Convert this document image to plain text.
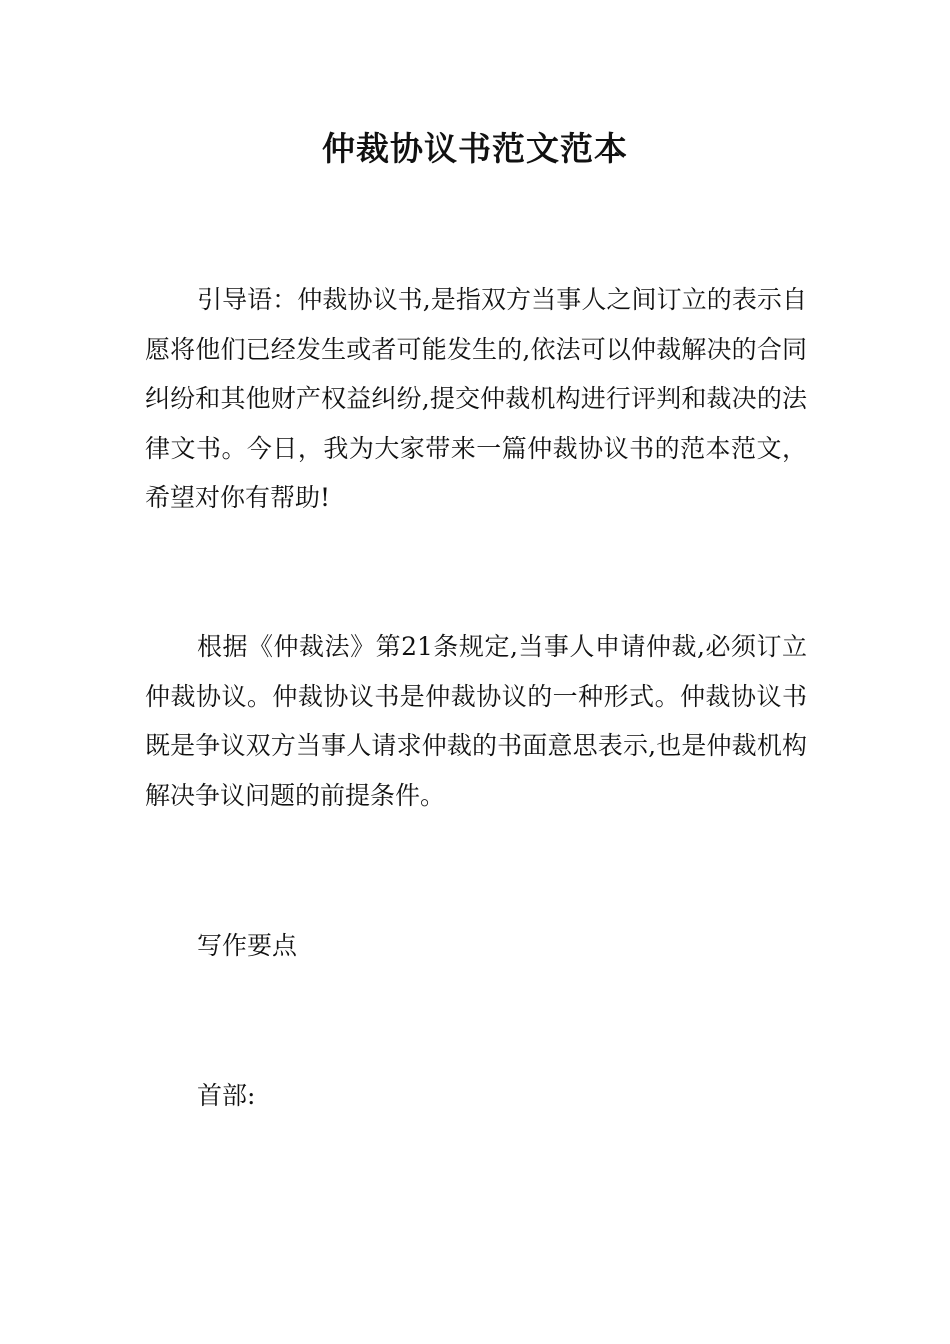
仲裁协议书范文范本

引导语：仲裁协议书,是指双方当事人之间订立的表示自愿将他们已经发生或者可能发生的,依法可以仲裁解决的合同纠纷和其他财产权益纠纷,提交仲裁机构进行评判和裁决的法律文书。今日，我为大家带来一篇仲裁协议书的范本范文，希望对你有帮助!

根据《仲裁法》第21条规定,当事人申请仲裁,必须订立仲裁协议。仲裁协议书是仲裁协议的一种形式。仲裁协议书既是争议双方当事人请求仲裁的书面意思表示,也是仲裁机构解决争议问题的前提条件。

写作要点

首部:
